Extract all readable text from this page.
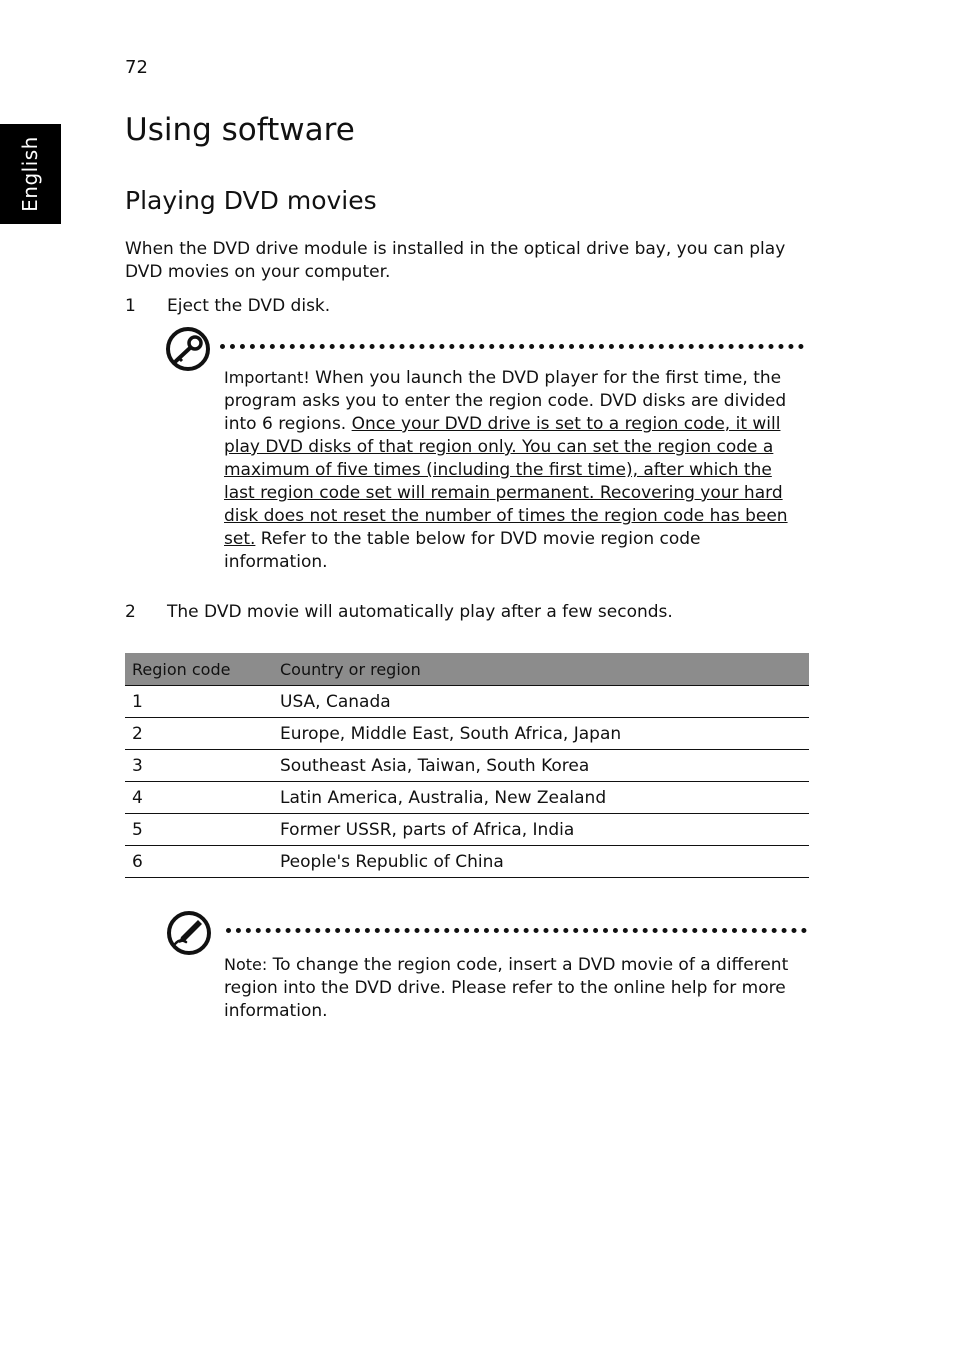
72
English
Using software
Playing DVD movies

When the DVD drive module is installed in the optical drive bay, you can play DVD movies on your computer.

1 Eject the DVD disk.

Important! When you launch the DVD player for the first time, the program asks you to enter the region code. DVD disks are divided into 6 regions. Once your DVD drive is set to a region code, it will play DVD disks of that region only. You can set the region code a maximum of five times (including the first time), after which the last region code set will remain permanent. Recovering your hard disk does not reset the number of times the region code has been set. Refer to the table below for DVD movie region code information.

2 The DVD movie will automatically play after a few seconds.
Region code	Country or region
1	USA, Canada
2	Europe, Middle East, South Africa, Japan
3	Southeast Asia, Taiwan, South Korea
4	Latin America, Australia, New Zealand
5	Former USSR, parts of Africa, India
6	People's Republic of China

Note: To change the region code, insert a DVD movie of a different region into the DVD drive. Please refer to the online help for more information.
